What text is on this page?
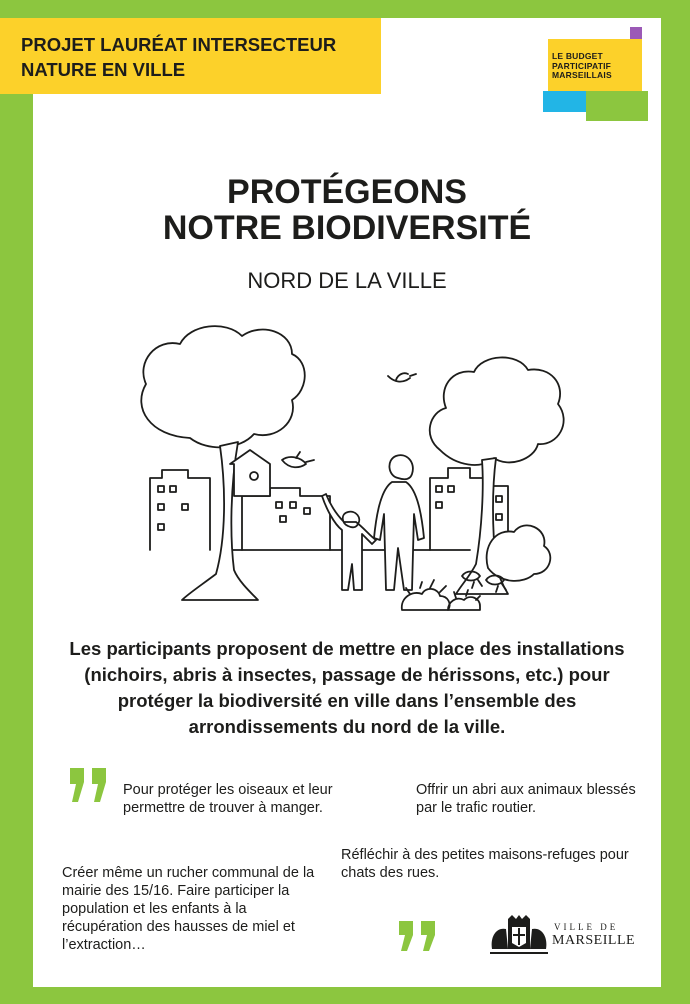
PROJET LAURÉAT INTERSECTEUR
NATURE EN VILLE
LE BUDGET
PARTICIPATIF
MARSEILLAIS
PROTÉGEONS
NOTRE BIODIVERSITÉ

NORD DE LA VILLE

Les participants proposent de mettre en place des installations (nichoirs, abris à insectes, passage de hérissons, etc.) pour protéger la biodiversité en ville dans l’ensemble des arrondissements du nord de la ville.

Pour protéger les oiseaux et leur permettre de trouver à manger.
Offrir un abri aux animaux blessés par le trafic routier.
Réfléchir à des petites maisons-refuges pour chats des rues.
Créer même un rucher communal de la mairie des 15/16. Faire participer la population et les enfants à la récupération des hausses de miel et l’extraction…
VILLE DE
MARSEILLE
